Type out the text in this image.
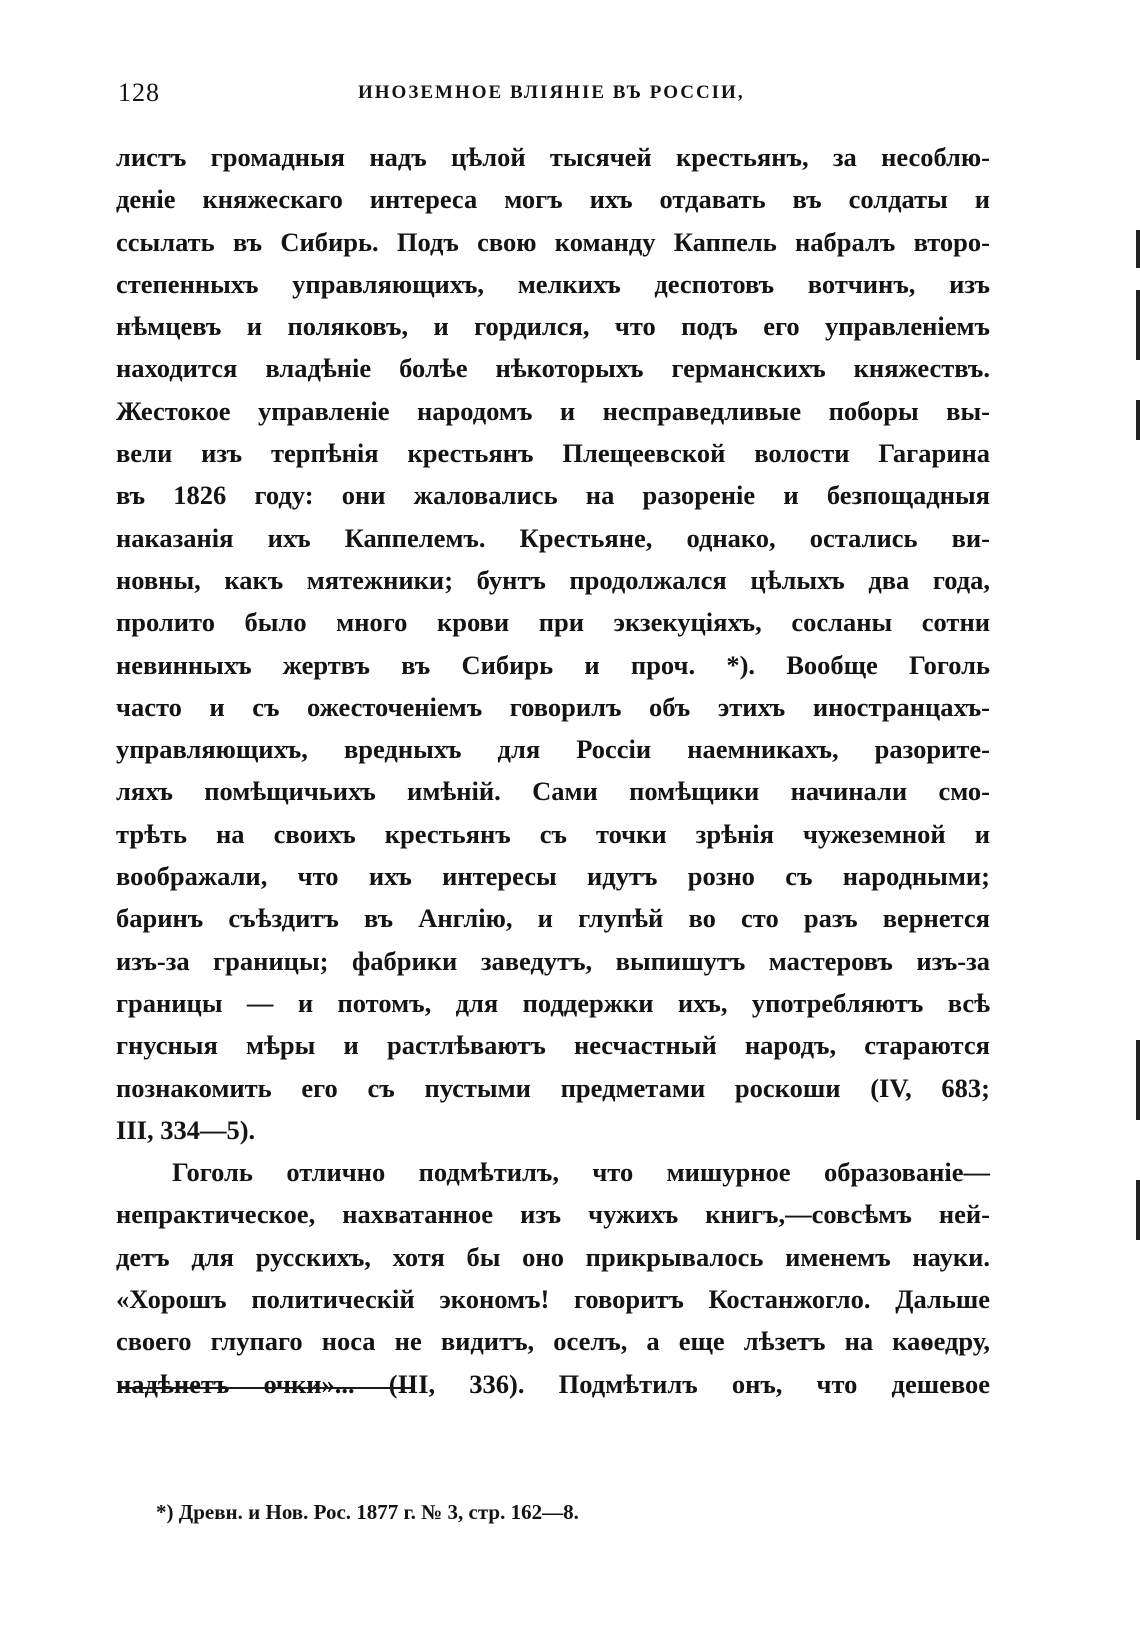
128	ИНОЗЕМНОЕ ВЛIЯНIЕ ВЪ РОССIИ,
листъ громадныя надъ цѣлой тысячей крестьянъ, за несоблю-
денiе княжескаго интереса могъ ихъ отдавать въ солдаты и
ссылать въ Сибирь. Подъ свою команду Каппель набралъ второ-
степенныхъ управляющихъ, мелкихъ деспотовъ вотчинъ, изъ
нѣмцевъ и поляковъ, и гордился, что подъ его управленiемъ
находится владѣнiе болѣе нѣкоторыхъ германскихъ княжествъ.
Жестокое управленiе народомъ и несправедливые поборы вы-
вели изъ терпѣнiя крестьянъ Плещеевской волости Гагарина
въ 1826 году: они жаловались на разоренiе и безпощадныя
наказанiя ихъ Каппелемъ. Крестьяне, однако, остались ви-
новны, какъ мятежники; бунтъ продолжался цѣлыхъ два года,
пролито было много крови при экзекуцiяхъ, сосланы сотни
невинныхъ жертвъ въ Сибирь и проч. *). Вообще Гоголь
часто и съ ожесточенiемъ говорилъ объ этихъ иностранцахъ-
управляющихъ, вредныхъ для Россiи наемникахъ, разорите-
ляхъ помѣщичьихъ имѣнiй. Сами помѣщики начинали смо-
трѣть на своихъ крестьянъ съ точки зрѣнiя чужеземной и
воображали, что ихъ интересы идутъ розно съ народными;
баринъ съѣздитъ въ Англiю, и глупѣй во сто разъ вернется
изъ-за границы; фабрики заведутъ, выпишутъ мастеровъ изъ-за
границы — и потомъ, для поддержки ихъ, употребляютъ всѣ
гнусныя мѣры и растлѣваютъ несчастный народъ, стараются
познакомить его съ пустыми предметами роскоши (IV, 683;
III, 334—5).
Гоголь отлично подмѣтилъ, что мишурное образованiе—
непрактическое, нахватанное изъ чужихъ книгъ,—совсѣмъ ней-
детъ для русскихъ, хотя бы оно прикрывалось именемъ науки.
«Хорошъ политическiй экономъ! говоритъ Костанжогло. Дальше
своего глупаго носа не видитъ, оселъ, а еще лѣзетъ на каѳедру,
надѣнетъ очки»... (III, 336). Подмѣтилъ онъ, что дешевое
*) Древн. и Нов. Рос. 1877 г. № 3, стр. 162—8.
